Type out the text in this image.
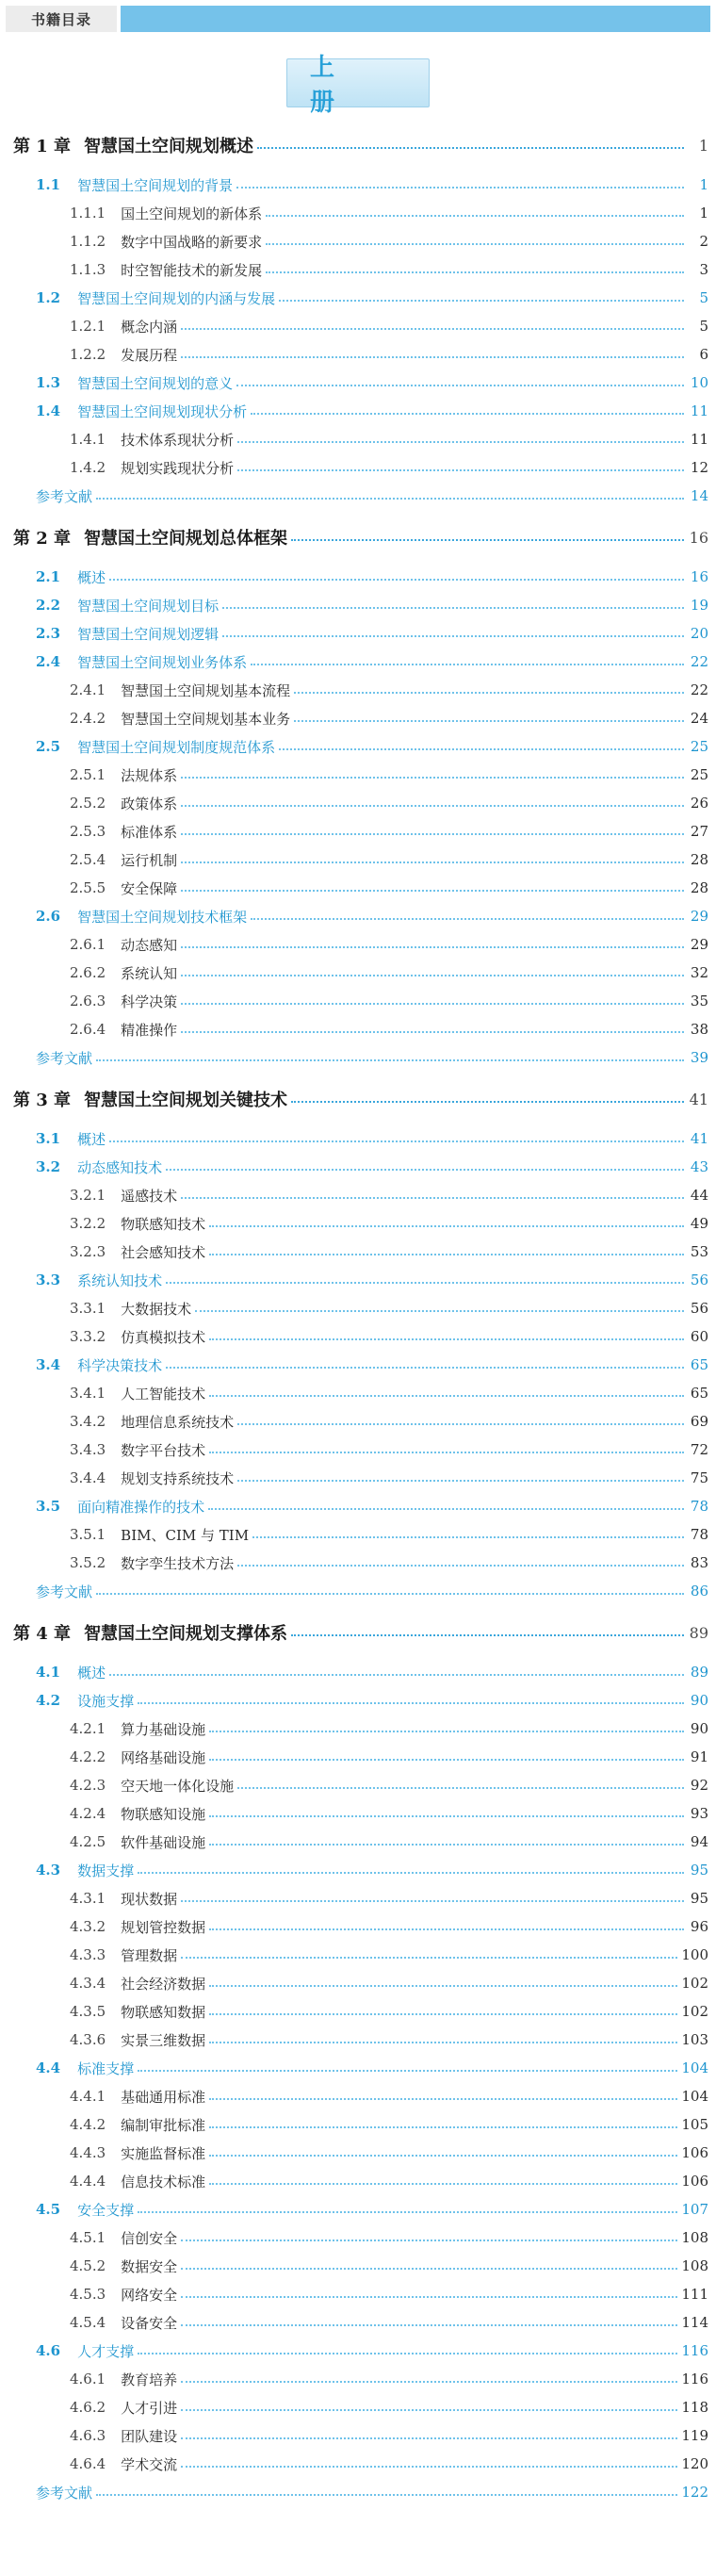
书籍目录
上 册
第 1 章 智慧国土空间规划概述	1
1.1 智慧国土空间规划的背景	1
1.1.1 国土空间规划的新体系	1
1.1.2 数字中国战略的新要求	2
1.1.3 时空智能技术的新发展	3
1.2 智慧国土空间规划的内涵与发展	5
1.2.1 概念内涵	5
1.2.2 发展历程	6
1.3 智慧国土空间规划的意义	10
1.4 智慧国土空间规划现状分析	11
1.4.1 技术体系现状分析	11
1.4.2 规划实践现状分析	12
参考文献	14
第 2 章 智慧国土空间规划总体框架	16
2.1 概述	16
2.2 智慧国土空间规划目标	19
2.3 智慧国土空间规划逻辑	20
2.4 智慧国土空间规划业务体系	22
2.4.1 智慧国土空间规划基本流程	22
2.4.2 智慧国土空间规划基本业务	24
2.5 智慧国土空间规划制度规范体系	25
2.5.1 法规体系	25
2.5.2 政策体系	26
2.5.3 标准体系	27
2.5.4 运行机制	28
2.5.5 安全保障	28
2.6 智慧国土空间规划技术框架	29
2.6.1 动态感知	29
2.6.2 系统认知	32
2.6.3 科学决策	35
2.6.4 精准操作	38
参考文献	39
第 3 章 智慧国土空间规划关键技术	41
3.1 概述	41
3.2 动态感知技术	43
3.2.1 遥感技术	44
3.2.2 物联感知技术	49
3.2.3 社会感知技术	53
3.3 系统认知技术	56
3.3.1 大数据技术	56
3.3.2 仿真模拟技术	60
3.4 科学决策技术	65
3.4.1 人工智能技术	65
3.4.2 地理信息系统技术	69
3.4.3 数字平台技术	72
3.4.4 规划支持系统技术	75
3.5 面向精准操作的技术	78
3.5.1 BIM、CIM 与 TIM	78
3.5.2 数字孪生技术方法	83
参考文献	86
第 4 章 智慧国土空间规划支撑体系	89
4.1 概述	89
4.2 设施支撑	90
4.2.1 算力基础设施	90
4.2.2 网络基础设施	91
4.2.3 空天地一体化设施	92
4.2.4 物联感知设施	93
4.2.5 软件基础设施	94
4.3 数据支撑	95
4.3.1 现状数据	95
4.3.2 规划管控数据	96
4.3.3 管理数据	100
4.3.4 社会经济数据	102
4.3.5 物联感知数据	102
4.3.6 实景三维数据	103
4.4 标准支撑	104
4.4.1 基础通用标准	104
4.4.2 编制审批标准	105
4.4.3 实施监督标准	106
4.4.4 信息技术标准	106
4.5 安全支撑	107
4.5.1 信创安全	108
4.5.2 数据安全	108
4.5.3 网络安全	111
4.5.4 设备安全	114
4.6 人才支撑	116
4.6.1 教育培养	116
4.6.2 人才引进	118
4.6.3 团队建设	119
4.6.4 学术交流	120
参考文献	122
